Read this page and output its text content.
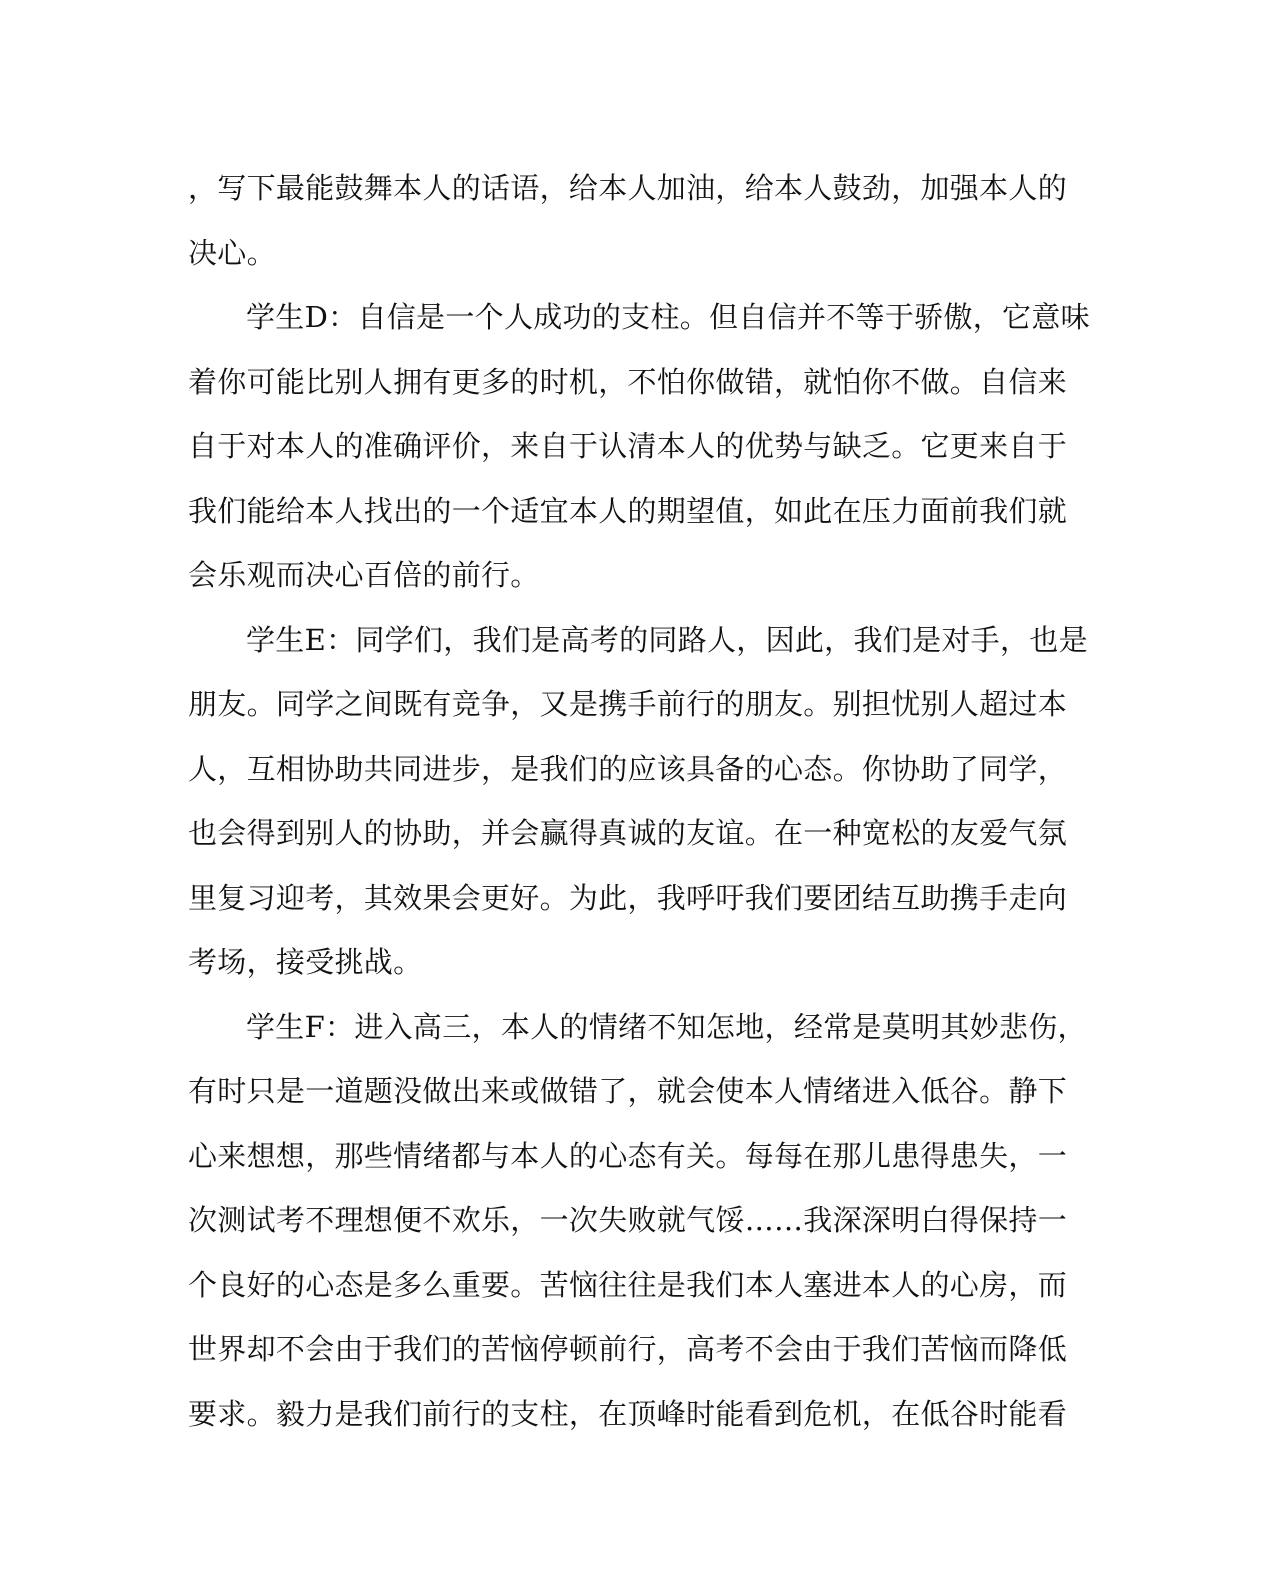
，写下最能鼓舞本人的话语，给本人加油，给本人鼓劲，加强本人的
决心。
学生D：自信是一个人成功的支柱。但自信并不等于骄傲，它意味
着你可能比别人拥有更多的时机，不怕你做错，就怕你不做。自信来
自于对本人的准确评价，来自于认清本人的优势与缺乏。它更来自于
我们能给本人找出的一个适宜本人的期望值，如此在压力面前我们就
会乐观而决心百倍的前行。
学生E：同学们，我们是高考的同路人，因此，我们是对手，也是
朋友。同学之间既有竞争，又是携手前行的朋友。别担忧别人超过本
人，互相协助共同进步，是我们的应该具备的心态。你协助了同学，
也会得到别人的协助，并会赢得真诚的友谊。在一种宽松的友爱气氛
里复习迎考，其效果会更好。为此，我呼吁我们要团结互助携手走向
考场，接受挑战。
学生F：进入高三，本人的情绪不知怎地，经常是莫明其妙悲伤，
有时只是一道题没做出来或做错了，就会使本人情绪进入低谷。静下
心来想想，那些情绪都与本人的心态有关。每每在那儿患得患失，一
次测试考不理想便不欢乐，一次失败就气馁……我深深明白得保持一
个良好的心态是多么重要。苦恼往往是我们本人塞进本人的心房，而
世界却不会由于我们的苦恼停顿前行，高考不会由于我们苦恼而降低
要求。毅力是我们前行的支柱，在顶峰时能看到危机，在低谷时能看
